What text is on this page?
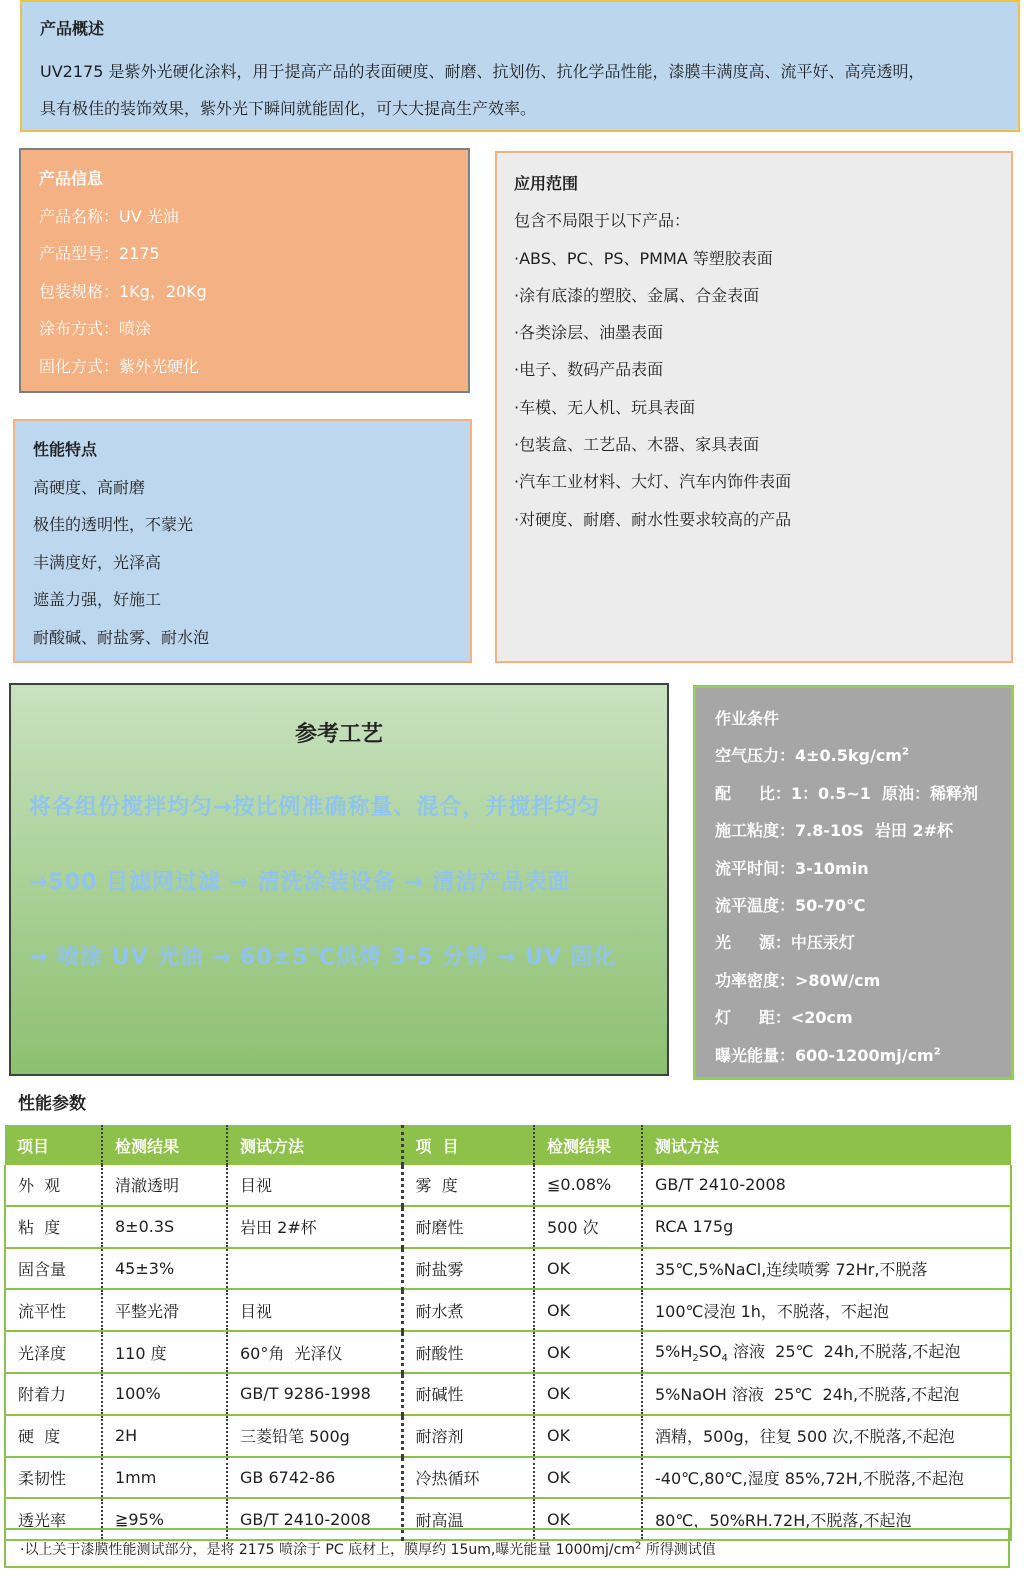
产品概述
UV2175 是紫外光硬化涂料，用于提高产品的表面硬度、耐磨、抗划伤、抗化学品性能，漆膜丰满度高、流平好、高亮透明，
具有极佳的装饰效果，紫外光下瞬间就能固化，可大大提高生产效率。
产品信息
产品名称：UV 光油
产品型号：2175
包装规格：1Kg，20Kg
涂布方式：喷涂
固化方式：紫外光硬化
性能特点
高硬度、高耐磨
极佳的透明性，不蒙光
丰满度好，光泽高
遮盖力强，好施工
耐酸碱、耐盐雾、耐水泡
应用范围
包含不局限于以下产品：
·ABS、PC、PS、PMMA 等塑胶表面
·涂有底漆的塑胶、金属、合金表面
·各类涂层、油墨表面
·电子、数码产品表面
·车模、无人机、玩具表面
·包装盒、工艺品、木器、家具表面
·汽车工业材料、大灯、汽车内饰件表面
·对硬度、耐磨、耐水性要求较高的产品
参考工艺
将各组份搅拌均匀→按比例准确称量、混合，并搅拌均匀
→500 目滤网过滤 → 清洗涂装设备 → 清洁产品表面
→ 喷涂 UV 光油 → 60±5℃烘烤 3-5 分钟 → UV 固化
作业条件
空气压力：$4\pm 0.5kg/cm^2$
配     比：1：0.5~1  原油：稀释剂
施工粘度：7.8-10S  岩田 2#杯
流平时间：3-10min
流平温度：50-70℃
光     源：中压汞灯
功率密度：>80W/cm
灯     距：<20cm
曝光能量：$600-1200mj/cm^2$
性能参数
项目	检测结果	测试方法	项  目	检测结果	测试方法
外  观	清澈透明	目视	雾  度	≦0.08%	GB/T 2410-2008
粘  度	8±0.3S	岩田 2#杯	耐磨性	500 次	RCA 175g
固含量	45±3%		耐盐雾	OK	35℃,5%NaCl,连续喷雾 72Hr,不脱落
流平性	平整光滑	目视	耐水煮	OK	100℃浸泡 1h，不脱落，不起泡
光泽度	110 度	60°角  光泽仪	耐酸性	OK	$5\%H_2SO_4$ 溶液  25℃  24h,不脱落,不起泡
附着力	100%	GB/T 9286-1998	耐碱性	OK	5%NaOH 溶液  25℃  24h,不脱落,不起泡
硬  度	2H	三菱铅笔 500g	耐溶剂	OK	酒精，500g，往复 500 次,不脱落,不起泡
柔韧性	1mm	GB 6742-86	冷热循环	OK	-40℃,80℃,湿度 85%,72H,不脱落,不起泡
透光率	≧95%	GB/T 2410-2008	耐高温	OK	80℃，50%RH.72H,不脱落,不起泡
·以上关于漆膜性能测试部分，是将 2175 喷涂于 PC 底材上，膜厚约 15um,曝光能量 $1000mj/cm^2$ 所得测试值
